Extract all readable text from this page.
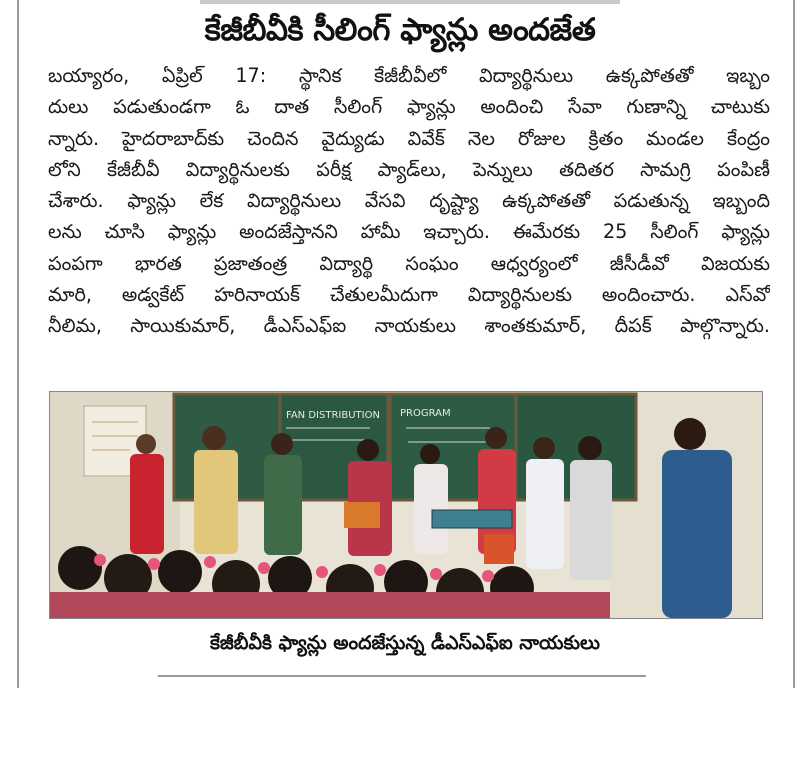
కేజీబీవీకి సీలింగ్ ఫ్యాన్లు అందజేత
బయ్యారం, ఏప్రిల్ 17: స్థానిక కేజీబీవీలో విద్యార్థినులు ఉక్కపోతతో ఇబ్బం
దులు పడుతుండగా ఓ దాత సీలింగ్ ఫ్యాన్లు అందించి సేవా గుణాన్ని చాటుకు
న్నారు. హైదరాబాద్‌కు చెందిన వైద్యుడు వివేక్ నెల రోజుల క్రితం మండల కేంద్రం
లోని కేజీబీవీ విద్యార్థినులకు పరీక్ష ప్యాడ్‌లు, పెన్నులు తదితర సామగ్రి పంపిణీ
చేశారు. ఫ్యాన్లు లేక విద్యార్థినులు వేసవి దృష్ట్యా ఉక్కపోతతో పడుతున్న ఇబ్బంది
లను చూసి ఫ్యాన్లు అందజేస్తానని హామీ ఇచ్చారు. ఈమేరకు 25 సీలింగ్ ఫ్యాన్లు
పంపగా భారత ప్రజాతంత్ర విద్యార్థి సంఘం ఆధ్వర్యంలో జీసీడీవో విజయకు
మారి, అడ్వకేట్ హరినాయక్ చేతులమీదుగా విద్యార్థినులకు అందించారు. ఎస్‌వో
నీలిమ, సాయికుమార్, డీఎస్‌ఎఫ్ఐ నాయకులు శాంతకుమార్, దీపక్ పాల్గొన్నారు.
FAN DISTRIBUTION PROGRAM
కేజీబీవీకి ఫ్యాన్లు అందజేస్తున్న డీఎస్‌ఎఫ్ఐ నాయకులు
